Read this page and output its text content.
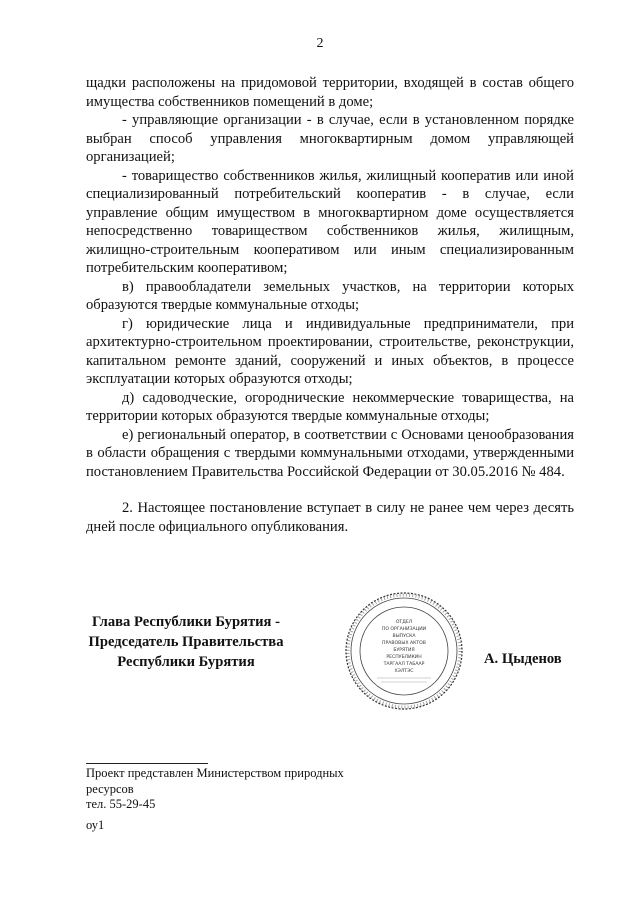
2

щадки расположены на придомовой территории, входящей в состав общего имущества собственников помещений в доме;

- управляющие организации - в случае, если в установленном порядке выбран способ управления многоквартирным домом управляющей организацией;

- товарищество собственников жилья, жилищный кооператив или иной специализированный потребительский кооператив - в случае, если управление общим имуществом в многоквартирном доме осуществляется непосредственно товариществом собственников жилья, жилищным, жилищно-строительным кооперативом или иным специализированным потребительским кооперативом;

в) правообладатели земельных участков, на территории которых образуются твердые коммунальные отходы;

г) юридические лица и индивидуальные предприниматели, при архитектурно-строительном проектировании, строительстве, реконструкции, капитальном ремонте зданий, сооружений и иных объектов, в процессе эксплуатации которых образуются отходы;

д) садоводческие, огороднические некоммерческие товарищества, на территории которых образуются твердые коммунальные отходы;

е) региональный оператор, в соответствии с Основами ценообразования в области обращения с твердыми коммунальными отходами, утвержденными постановлением Правительства Российской Федерации от 30.05.2016 № 484.

2. Настоящее постановление вступает в силу не ранее чем через десять дней после официального опубликования.

Глава Республики Бурятия -
Председатель Правительства
Республики Бурятия
ОТДЕЛ
ПО ОРГАНИЗАЦИИ
ВЫПУСКА
ПРАВОВЫХ АКТОВ
БУРЯТИЯ
РЕСПУБЛИКИН
ТАРГААЛ ТАБААР
ХЭЛТЭС
А. Цыденов

Проект представлен Министерством природных

ресурсов

тел. 55-29-45

оу1
